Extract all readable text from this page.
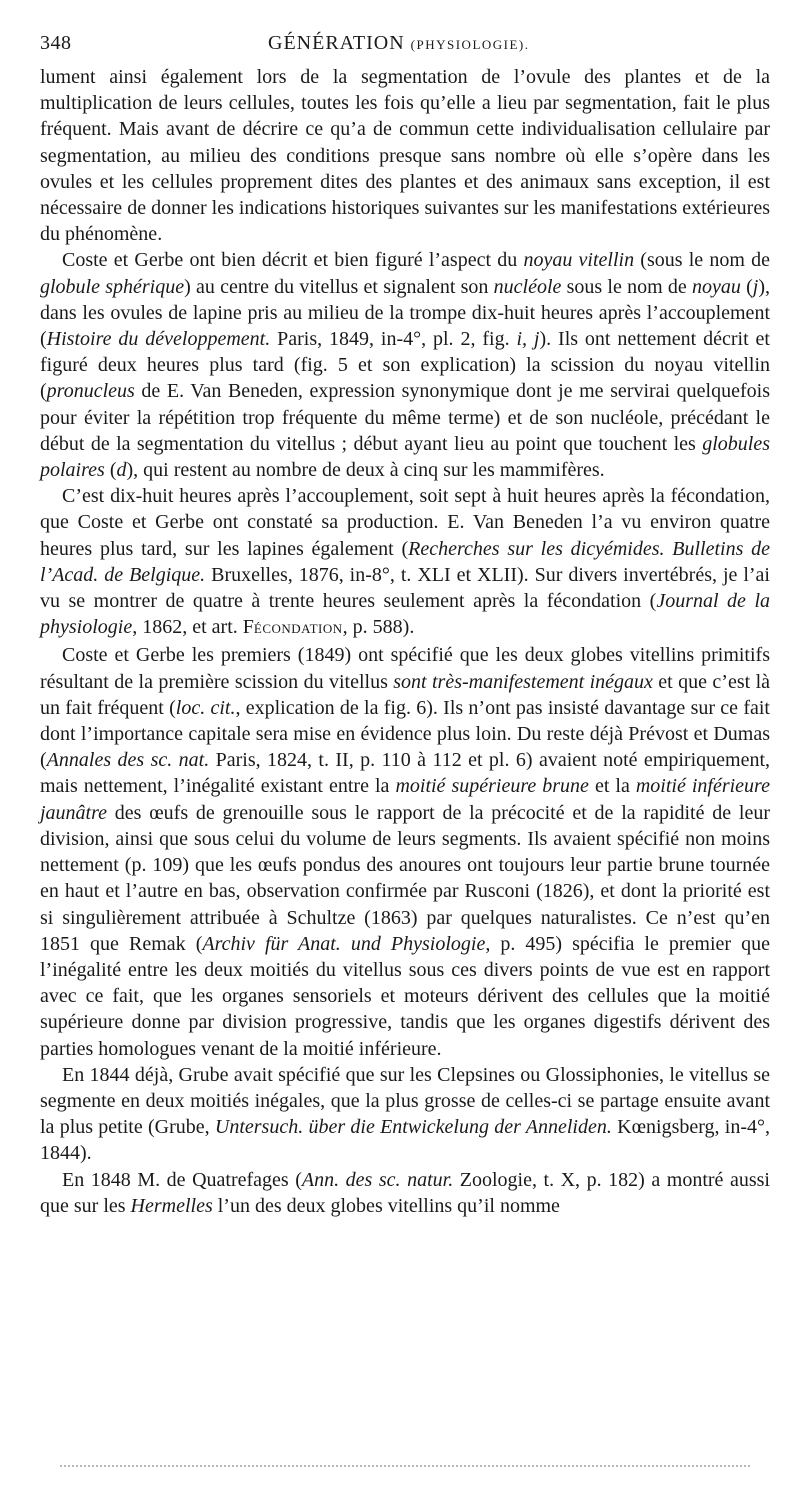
348	GÉNÉRATION (PHYSIOLOGIE).

lument ainsi également lors de la segmentation de l’ovule des plantes et de la multiplication de leurs cellules, toutes les fois qu’elle a lieu par segmentation, fait le plus fréquent. Mais avant de décrire ce qu’a de commun cette individualisation cellulaire par segmentation, au milieu des conditions presque sans nombre où elle s’opère dans les ovules et les cellules proprement dites des plantes et des animaux sans exception, il est nécessaire de donner les indications historiques suivantes sur les manifestations extérieures du phénomène.

Coste et Gerbe ont bien décrit et bien figuré l’aspect du noyau vitellin (sous le nom de globule sphérique) au centre du vitellus et signalent son nucléole sous le nom de noyau (j), dans les ovules de lapine pris au milieu de la trompe dix-huit heures après l’accouplement (Histoire du développement. Paris, 1849, in-4°, pl. 2, fig. i, j). Ils ont nettement décrit et figuré deux heures plus tard (fig. 5 et son explication) la scission du noyau vitellin (pronucleus de E. Van Beneden, expression synonymique dont je me servirai quelquefois pour éviter la répétition trop fréquente du même terme) et de son nucléole, précédant le début de la segmentation du vitellus ; début ayant lieu au point que touchent les globules polaires (d), qui restent au nombre de deux à cinq sur les mammifères.

C’est dix-huit heures après l’accouplement, soit sept à huit heures après la fécondation, que Coste et Gerbe ont constaté sa production. E. Van Beneden l’a vu environ quatre heures plus tard, sur les lapines également (Recherches sur les dicyémides. Bulletins de l’Acad. de Belgique. Bruxelles, 1876, in-8°, t. XLI et XLII). Sur divers invertébrés, je l’ai vu se montrer de quatre à trente heures seulement après la fécondation (Journal de la physiologie, 1862, et art. FÉCONDATION, p. 588).

Coste et Gerbe les premiers (1849) ont spécifié que les deux globes vitellins primitifs résultant de la première scission du vitellus sont très-manifestement inégaux et que c’est là un fait fréquent (loc. cit., explication de la fig. 6). Ils n’ont pas insisté davantage sur ce fait dont l’importance capitale sera mise en évidence plus loin. Du reste déjà Prévost et Dumas (Annales des sc. nat. Paris, 1824, t. II, p. 110 à 112 et pl. 6) avaient noté empiriquement, mais nettement, l’inégalité existant entre la moitié supérieure brune et la moitié inférieure jaunâtre des œufs de grenouille sous le rapport de la précocité et de la rapidité de leur division, ainsi que sous celui du volume de leurs segments. Ils avaient spécifié non moins nettement (p. 109) que les œufs pondus des anoures ont toujours leur partie brune tournée en haut et l’autre en bas, observation confirmée par Rusconi (1826), et dont la priorité est si singulièrement attribuée à Schultze (1863) par quelques naturalistes. Ce n’est qu’en 1851 que Remak (Archiv für Anat. und Physiologie, p. 495) spécifia le premier que l’inégalité entre les deux moitiés du vitellus sous ces divers points de vue est en rapport avec ce fait, que les organes sensoriels et moteurs dérivent des cellules que la moitié supérieure donne par division progressive, tandis que les organes digestifs dérivent des parties homologues venant de la moitié inférieure.

En 1844 déjà, Grube avait spécifié que sur les Clepsines ou Glossiphonies, le vitellus se segmente en deux moitiés inégales, que la plus grosse de celles-ci se partage ensuite avant la plus petite (Grube, Untersuch. über die Entwickelung der Anneliden. Kœnigsberg, in-4°, 1844).

En 1848 M. de Quatrefages (Ann. des sc. natur. Zoologie, t. X, p. 182) a montré aussi que sur les Hermelles l’un des deux globes vitellins qu’il nomme
